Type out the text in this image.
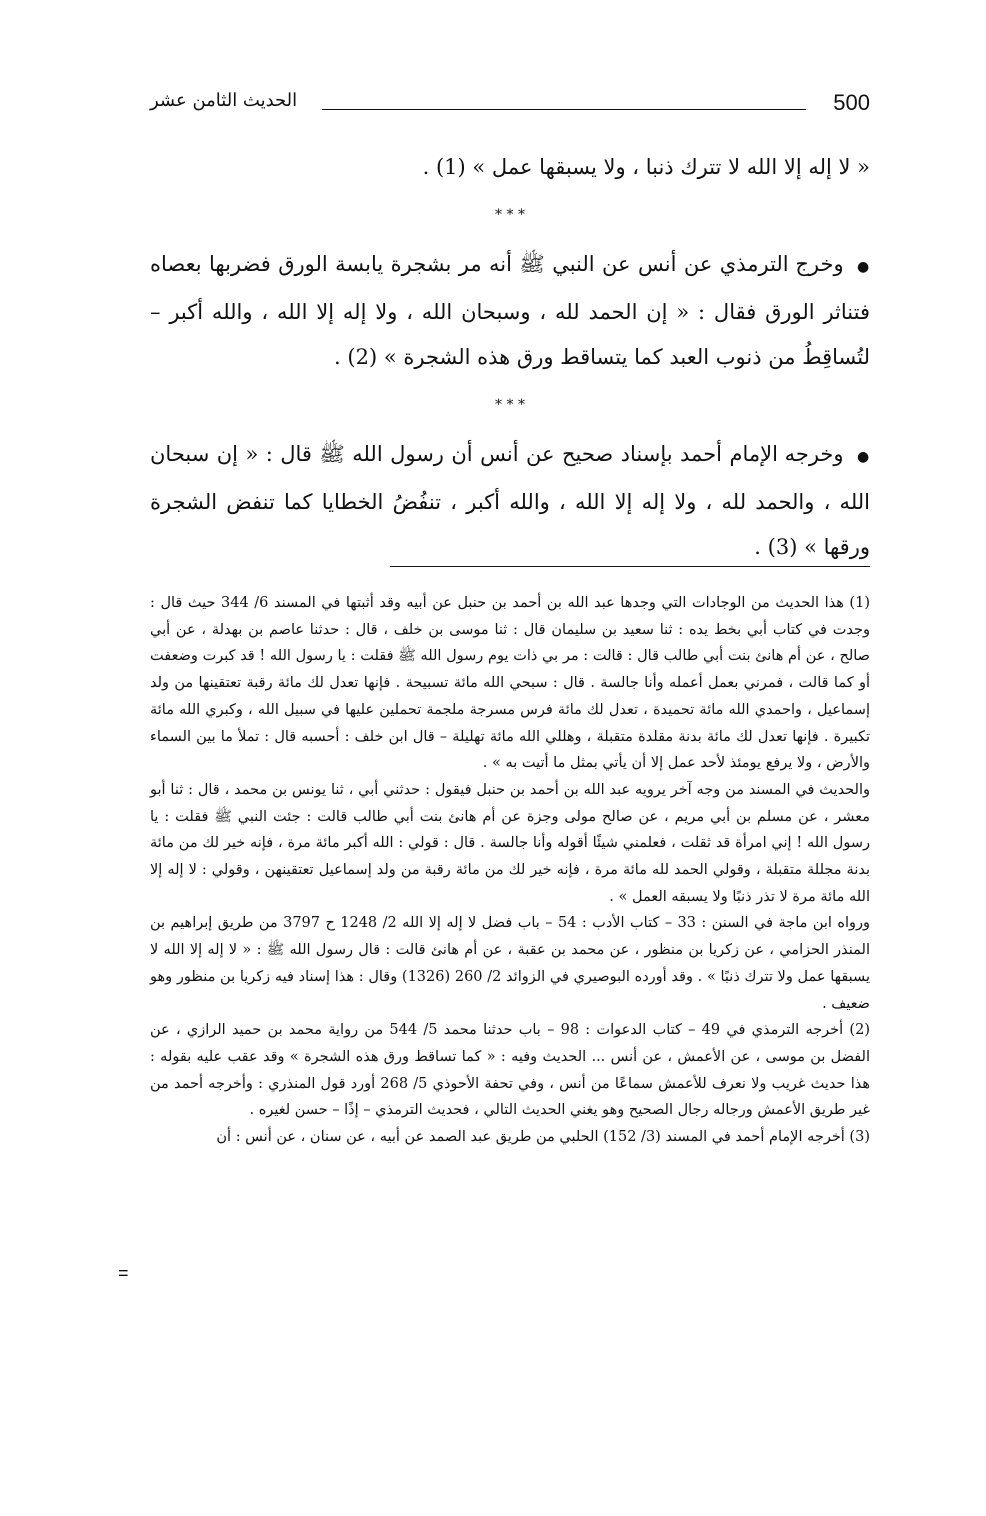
500
الحديث الثامن عشر

« لا إله إلا الله لا تترك ذنبا ، ولا يسبقها عمل » (1) .

* * *

● وخرج الترمذي عن أنس عن النبي ﷺ أنه مر بشجرة يابسة الورق فضربها بعصاه فتناثر الورق فقال : « إن الحمد لله ، وسبحان الله ، ولا إله إلا الله ، والله أكبر – لتُساقِطُ من ذنوب العبد كما يتساقط ورق هذه الشجرة » (2) .

* * *

● وخرجه الإمام أحمد بإسناد صحيح عن أنس أن رسول الله ﷺ قال : « إن سبحان الله ، والحمد لله ، ولا إله إلا الله ، والله أكبر ، تنفُضُ الخطايا كما تنفض الشجرة ورقها » (3) .

(1) هذا الحديث من الوجادات التي وجدها عبد الله بن أحمد بن حنبل عن أبيه وقد أثبتها في المسند 6/ 344 حيث قال : وجدت في كتاب أبي بخط يده : ثنا سعيد بن سليمان قال : ثنا موسى بن خلف ، قال : حدثنا عاصم بن بهدلة ، عن أبي صالح ، عن أم هانئ بنت أبي طالب قال : قالت : مر بي ذات يوم رسول الله ﷺ فقلت : يا رسول الله ! قد كبرت وضعفت أو كما قالت ، فمرني بعمل أعمله وأنا جالسة . قال : سبحي الله مائة تسبيحة . فإنها تعدل لك مائة رقبة تعتقينها من ولد إسماعيل ، واحمدي الله مائة تحميدة ، تعدل لك مائة فرس مسرجة ملجمة تحملين عليها في سبيل الله ، وكبري الله مائة تكبيرة . فإنها تعدل لك مائة بدنة مقلدة متقبلة ، وهللي الله مائة تهليلة – قال ابن خلف : أحسبه قال : تملأ ما بين السماء والأرض ، ولا يرفع يومئذ لأحد عمل إلا أن يأتي بمثل ما أتيت به » .

والحديث في المسند من وجه آخر يرويه عبد الله بن أحمد بن حنبل فيقول : حدثني أبي ، ثنا يونس بن محمد ، قال : ثنا أبو معشر ، عن مسلم بن أبي مريم ، عن صالح مولى وجزة عن أم هانئ بنت أبي طالب قالت : جئت النبي ﷺ فقلت : يا رسول الله ! إني امرأة قد ثقلت ، فعلمني شيئًا أقوله وأنا جالسة . قال : قولي : الله أكبر مائة مرة ، فإنه خير لك من مائة بدنة مجللة متقبلة ، وقولي الحمد لله مائة مرة ، فإنه خير لك من مائة رقبة من ولد إسماعيل تعتقينهن ، وقولي : لا إله إلا الله مائة مرة لا تذر ذنبًا ولا يسبقه العمل » .

ورواه ابن ماجة في السنن : 33 – كتاب الأدب : 54 – باب فضل لا إله إلا الله 2/ 1248 ح 3797 من طريق إبراهيم بن المنذر الحزامي ، عن زكريا بن منظور ، عن محمد بن عقبة ، عن أم هانئ قالت : قال رسول الله ﷺ : « لا إله إلا الله لا يسبقها عمل ولا تترك ذنبًا » . وقد أورده البوصيري في الزوائد 2/ 260 (1326) وقال : هذا إسناد فيه زكريا بن منظور وهو ضعيف .

(2) أخرجه الترمذي في 49 – كتاب الدعوات : 98 – باب حدثنا محمد 5/ 544 من رواية محمد بن حميد الرازي ، عن الفضل بن موسى ، عن الأعمش ، عن أنس ... الحديث وفيه : « كما تساقط ورق هذه الشجرة » وقد عقب عليه بقوله : هذا حديث غريب ولا نعرف للأعمش سماعًا من أنس ، وفي تحفة الأحوذي 5/ 268 أورد قول المنذري : وأخرجه أحمد من غير طريق الأعمش ورجاله رجال الصحيح وهو يغني الحديث التالي ، فحديث الترمذي – إذًا – حسن لغيره .

(3) أخرجه الإمام أحمد في المسند (3/ 152) الحلبي من طريق عبد الصمد عن أبيه ، عن سنان ، عن أنس : أن

=
